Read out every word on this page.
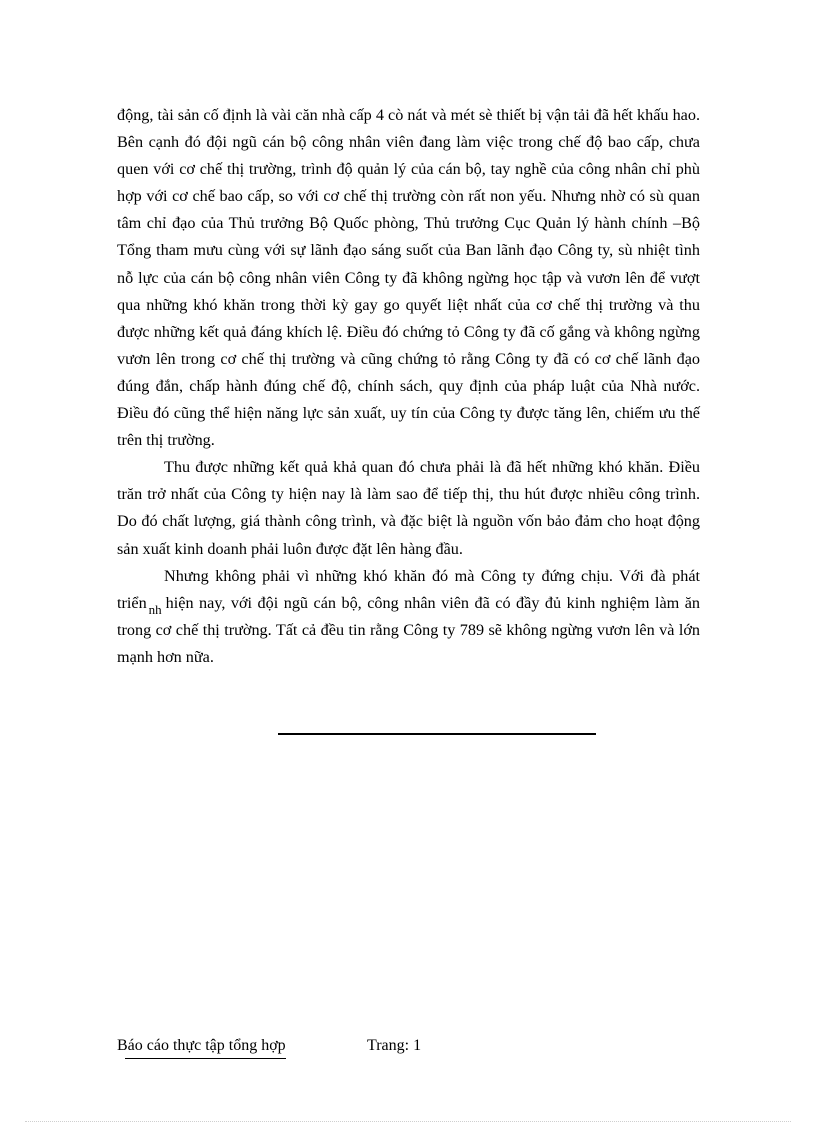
động, tài sản cố định là vài căn nhà cấp 4 cò nát và mét sè thiết bị vận tải đã hết khấu hao. Bên cạnh đó đội ngũ cán bộ công nhân viên đang làm việc trong chế độ bao cấp, chưa quen với cơ chế thị trường, trình độ quản lý của cán bộ, tay nghề của công nhân chỉ phù hợp với cơ chế bao cấp, so với cơ chế thị trường còn rất non yếu. Nhưng nhờ có sù quan tâm chỉ đạo của Thủ trưởng Bộ Quốc phòng, Thủ trưởng Cục Quản lý hành chính –Bộ Tổng tham mưu cùng với sự lãnh đạo sáng suốt của Ban lãnh đạo Công ty, sù nhiệt tình nỗ lực của cán bộ công nhân viên Công ty đã không ngừng học tập và vươn lên để vượt qua những khó khăn trong thời kỳ gay go quyết liệt nhất của cơ chế thị trường và thu được những kết quả đáng khích lệ. Điều đó chứng tỏ Công ty đã cố gắng và không ngừng vươn lên trong cơ chế thị trường và cũng chứng tỏ rằng Công ty đã có cơ chế lãnh đạo đúng đắn, chấp hành đúng chế độ, chính sách, quy định của pháp luật của Nhà nước. Điều đó cũng thể hiện năng lực sản xuất, uy tín của Công ty được tăng lên, chiếm ưu thế trên thị trường.

Thu được những kết quả khả quan đó chưa phải là đã hết những khó khăn. Điều trăn trở nhất của Công ty hiện nay là làm sao để tiếp thị, thu hút được nhiều công trình. Do đó chất lượng, giá thành công trình, và đặc biệt là nguồn vốn bảo đảm cho hoạt động sản xuất kinh doanh phải luôn được đặt lên hàng đầu.

Nhưng không phải vì những khó khăn đó mà Công ty đứng chịu. Với đà phát triển $_{nh}$ hiện nay, với đội ngũ cán bộ, công nhân viên đã có đầy đủ kinh nghiệm làm ăn trong cơ chế thị trường. Tất cả đều tin rằng Công ty 789 sẽ không ngừng vươn lên và lớn mạnh hơn nữa.

Báo cáo thực tập tổng hợp	Trang: 1
